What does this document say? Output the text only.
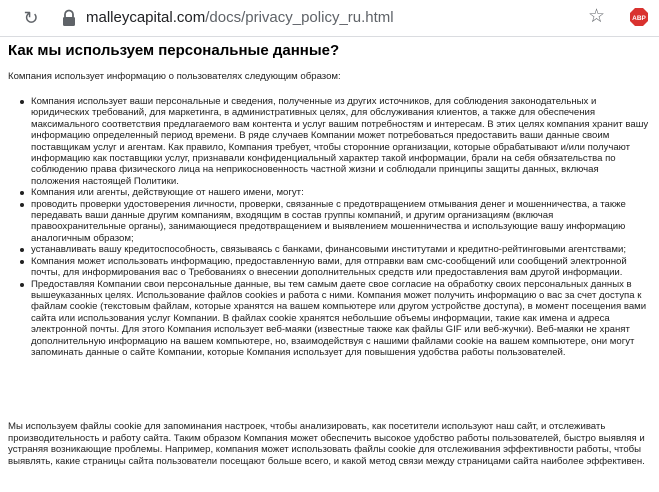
↻	malleycapital.com/docs/privacy_policy_ru.html	☆	ABP
Как мы используем персональные данные?

Компания использует информацию о пользователях следующим образом:

Компания использует ваши персональные и сведения, полученные из других источников, для соблюдения законодательных и юридических требований, для маркетинга, в административных целях, для обслуживания клиентов, а также для обеспечения максимального соответствия предлагаемого вам контента и услуг вашим потребностям и интересам. В этих целях компания хранит вашу информацию определенный период времени. В ряде случаев Компании может потребоваться предоставить ваши данные своим поставщикам услуг и агентам. Как правило, Компания требует, чтобы сторонние организации, которые обрабатывают и/или получают информацию как поставщики услуг, признавали конфиденциальный характер такой информации, брали на себя обязательства по соблюдению права физического лица на неприкосновенность частной жизни и соблюдали принципы защиты данных, включая положения настоящей Политики.
Компания или агенты, действующие от нашего имени, могут:
проводить проверки удостоверения личности, проверки, связанные с предотвращением отмывания денег и мошенничества, а также передавать ваши данные другим компаниям, входящим в состав группы компаний, и другим организациям (включая правоохранительные органы), занимающиеся предотвращением и выявлением мошенничества и использующие вашу информацию аналогичным образом;
устанавливать вашу кредитоспособность, связываясь с банками, финансовыми институтами и кредитно-рейтинговыми агентствами;
Компания может использовать информацию, предоставленную вами, для отправки вам смс-сообщений или сообщений электронной почты, для информирования вас о Требованиях о внесении дополнительных средств или предоставления вам другой информации.
Предоставляя Компании свои персональные данные, вы тем самым даете свое согласие на обработку своих персональных данных в вышеуказанных целях. Использование файлов cookies и работа с ними. Компания может получить информацию о вас за счет доступа к файлам cookie (текстовым файлам, которые хранятся на вашем компьютере или другом устройстве доступа), в момент посещения вами сайта или использования услуг Компании. В файлах cookie хранятся небольшие объемы информации, такие как имена и адреса электронной почты. Для этого Компания использует веб-маяки (известные также как файлы GIF или веб-жучки). Веб-маяки не хранят дополнительную информацию на вашем компьютере, но, взаимодействуя с нашими файлами cookie на вашем компьютере, они могут запоминать данные о сайте Компании, которые Компания использует для повышения удобства работы пользователей.

Мы используем файлы cookie для запоминания настроек, чтобы анализировать, как посетители используют наш сайт, и отслеживать производительность и работу сайта. Таким образом Компания может обеспечить высокое удобство работы пользователей, быстро выявляя и устраняя возникающие проблемы. Например, компания может использовать файлы cookie для отслеживания эффективности работы, чтобы выявлять, какие страницы сайта пользователи посещают больше всего, и какой метод связи между страницами сайта наиболее эффективен.
